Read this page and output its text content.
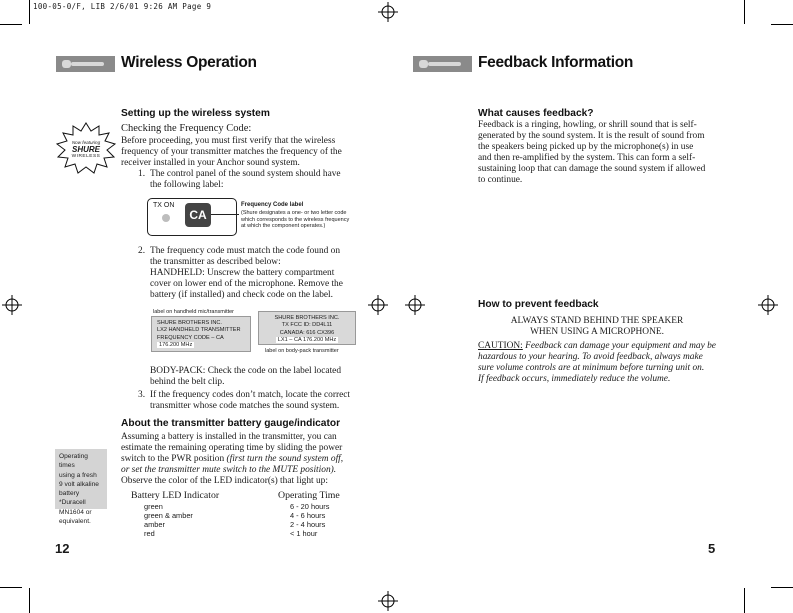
100-05-0/F, LIB 2/6/01 9:26 AM Page 9
Wireless Operation
Setting up the wireless system
Now featuring
SHURE
WIRELESS
Checking the Frequency Code:
Before proceeding, you must first verify that the wireless
frequency of your transmitter matches the frequency of the
receiver installed in your Anchor sound system.
1. The control panel of the sound system should have
the following label:
TX ON
CA
Frequency Code label
(Shure designates a one- or two letter code
which corresponds to the wireless frequency
at which the component operates.)
2. The frequency code must match the code found on
the transmitter as described below:
HANDHELD: Unscrew the battery compartment
cover on lower end of the microphone. Remove the
battery (if installed) and check code on the label.
label on handheld mic/transmitter
SHURE BROTHERS INC.
LX2 HANDHELD TRANSMITTER
FREQUENCY CODE – CA
176.200 MHz
SHURE BROTHERS INC.
TX FCC ID: DD4L11
CANADA: 616 CX396
LX1 – CA 176.200 MHz
label on body-pack transmitter
BODY-PACK: Check the code on the label located
behind the belt clip.
3. If the frequency codes don’t match, locate the correct
transmitter whose code matches the sound system.
About the transmitter battery gauge/indicator
Assuming a battery is installed in the transmitter, you can
estimate the remaining operating time by sliding the power
switch to the PWR position (first turn the sound system off,
or set the transmitter mute switch to the MUTE position).
Observe the color of the LED indicator(s) that light up:
Operating times
using a fresh
9 volt alkaline
battery *Duracell
MN1604 or
equivalent.
Battery LED Indicator	Operating Time
green
green & amber
amber
red
6 - 20 hours
4 - 6 hours
2 - 4 hours
< 1 hour
12
Feedback Information
What causes feedback?
Feedback is a ringing, howling, or shrill sound that is self-
generated by the sound system. It is the result of sound from
the speakers being picked up by the microphone(s) in use
and then re-amplified by the system. This can form a self-
sustaining loop that can damage the sound system if allowed
to continue.
How to prevent feedback
ALWAYS STAND BEHIND THE SPEAKER
WHEN USING A MICROPHONE.
CAUTION: Feedback can damage your equipment and may be
hazardous to your hearing. To avoid feedback, always make
sure volume controls are at minimum before turning unit on.
If feedback occurs, immediately reduce the volume.
5
